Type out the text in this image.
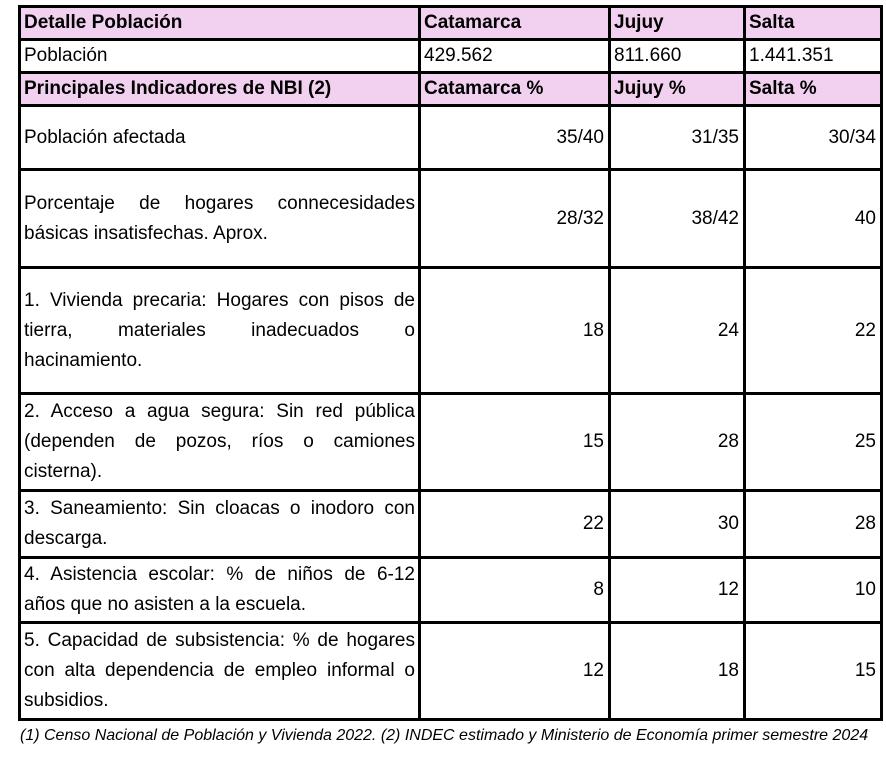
Detalle Población	Catamarca	Jujuy	Salta
Población	429.562	811.660	1.441.351
Principales Indicadores de NBI (2)	Catamarca %	Jujuy %	Salta %
Población afectada	35/40	31/35	30/34
Porcentaje de hogares connecesidades básicas insatisfechas. Aprox.	28/32	38/42	40
1. Vivienda precaria: Hogares con pisos de tierra, materiales inadecuados o hacinamiento.	18	24	22
2. Acceso a agua segura: Sin red pública (dependen de pozos, ríos o camiones cisterna).	15	28	25
3. Saneamiento: Sin cloacas o inodoro con descarga.	22	30	28
4. Asistencia escolar: % de niños de 6-12 años que no asisten a la escuela.	8	12	10
5. Capacidad de subsistencia: % de hogares con alta dependencia de empleo informal o subsidios.	12	18	15
(1) Censo Nacional de Población y Vivienda 2022. (2) INDEC estimado y Ministerio de Economía primer semestre 2024
